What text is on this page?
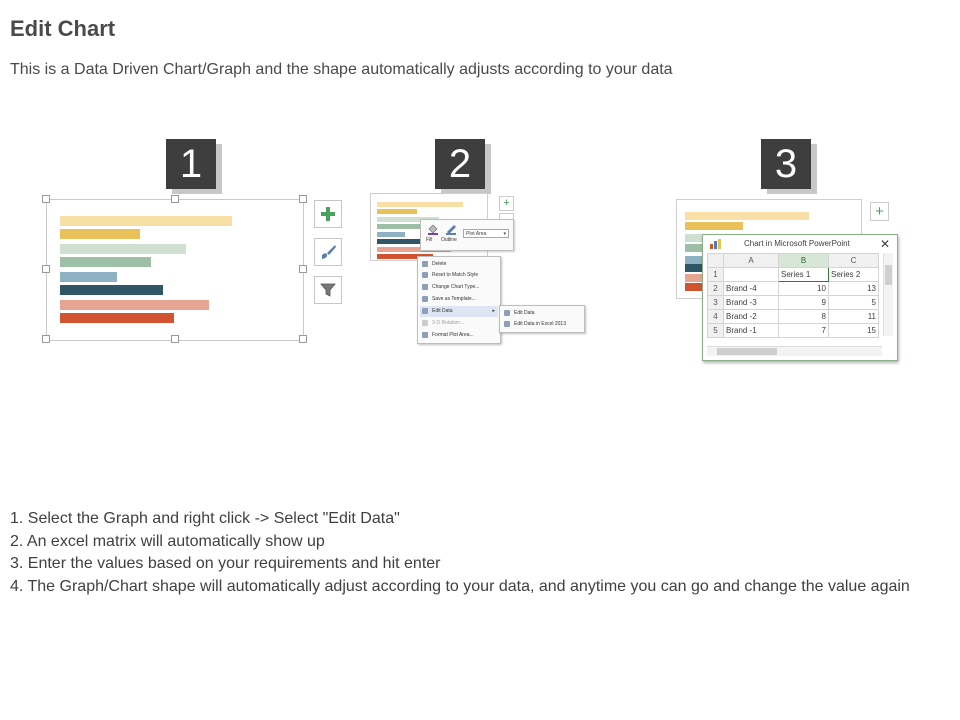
Edit Chart
This is a Data Driven Chart/Graph and the shape automatically adjusts according to your data
1	2	3
+
Fill Outline
Plot Area	▾
Delete
Reset to Match Style
Change Chart Type...
Save as Template...
Edit Data	▸
3-D Rotation...
Format Plot Area...
Edit Data
Edit Data in Excel 2013
+
Chart in Microsoft PowerPoint	✕
	A	B	C
1		Series 1	Series 2
2	Brand -4	10	13
3	Brand -3	9	5
4	Brand -2	8	11
5	Brand -1	7	15
1. Select the Graph and right click -> Select "Edit Data"
2. An excel matrix will automatically show up
3. Enter the values based on your requirements and hit enter
4. The Graph/Chart shape will automatically adjust according to your data, and anytime you can go and change the value again
